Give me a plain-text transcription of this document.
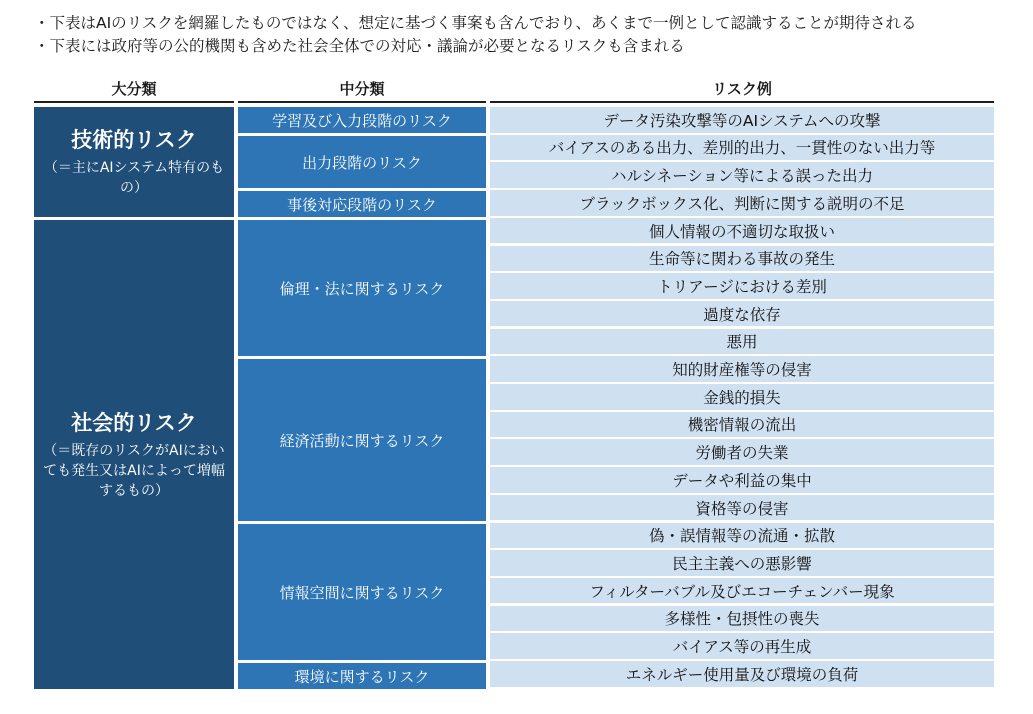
・下表はAIのリスクを網羅したものではなく、想定に基づく事案も含んでおり、あくまで一例として認識することが期待される
・下表には政府等の公的機関も含めた社会全体での対応・議論が必要となるリスクも含まれる
大分類	中分類	リスク例
技術的リスク
（＝主にAIシステム特有のもの）
社会的リスク
（＝既存のリスクがAIにおいても発生又はAIによって増幅するもの）
学習及び入力段階のリスク
出力段階のリスク
事後対応段階のリスク
倫理・法に関するリスク
経済活動に関するリスク
情報空間に関するリスク
環境に関するリスク
データ汚染攻撃等のAIシステムへの攻撃
バイアスのある出力、差別的出力、一貫性のない出力等
ハルシネーション等による誤った出力
ブラックボックス化、判断に関する説明の不足
個人情報の不適切な取扱い
生命等に関わる事故の発生
トリアージにおける差別
過度な依存
悪用
知的財産権等の侵害
金銭的損失
機密情報の流出
労働者の失業
データや利益の集中
資格等の侵害
偽・誤情報等の流通・拡散
民主主義への悪影響
フィルターバブル及びエコーチェンバー現象
多様性・包摂性の喪失
バイアス等の再生成
エネルギー使用量及び環境の負荷
